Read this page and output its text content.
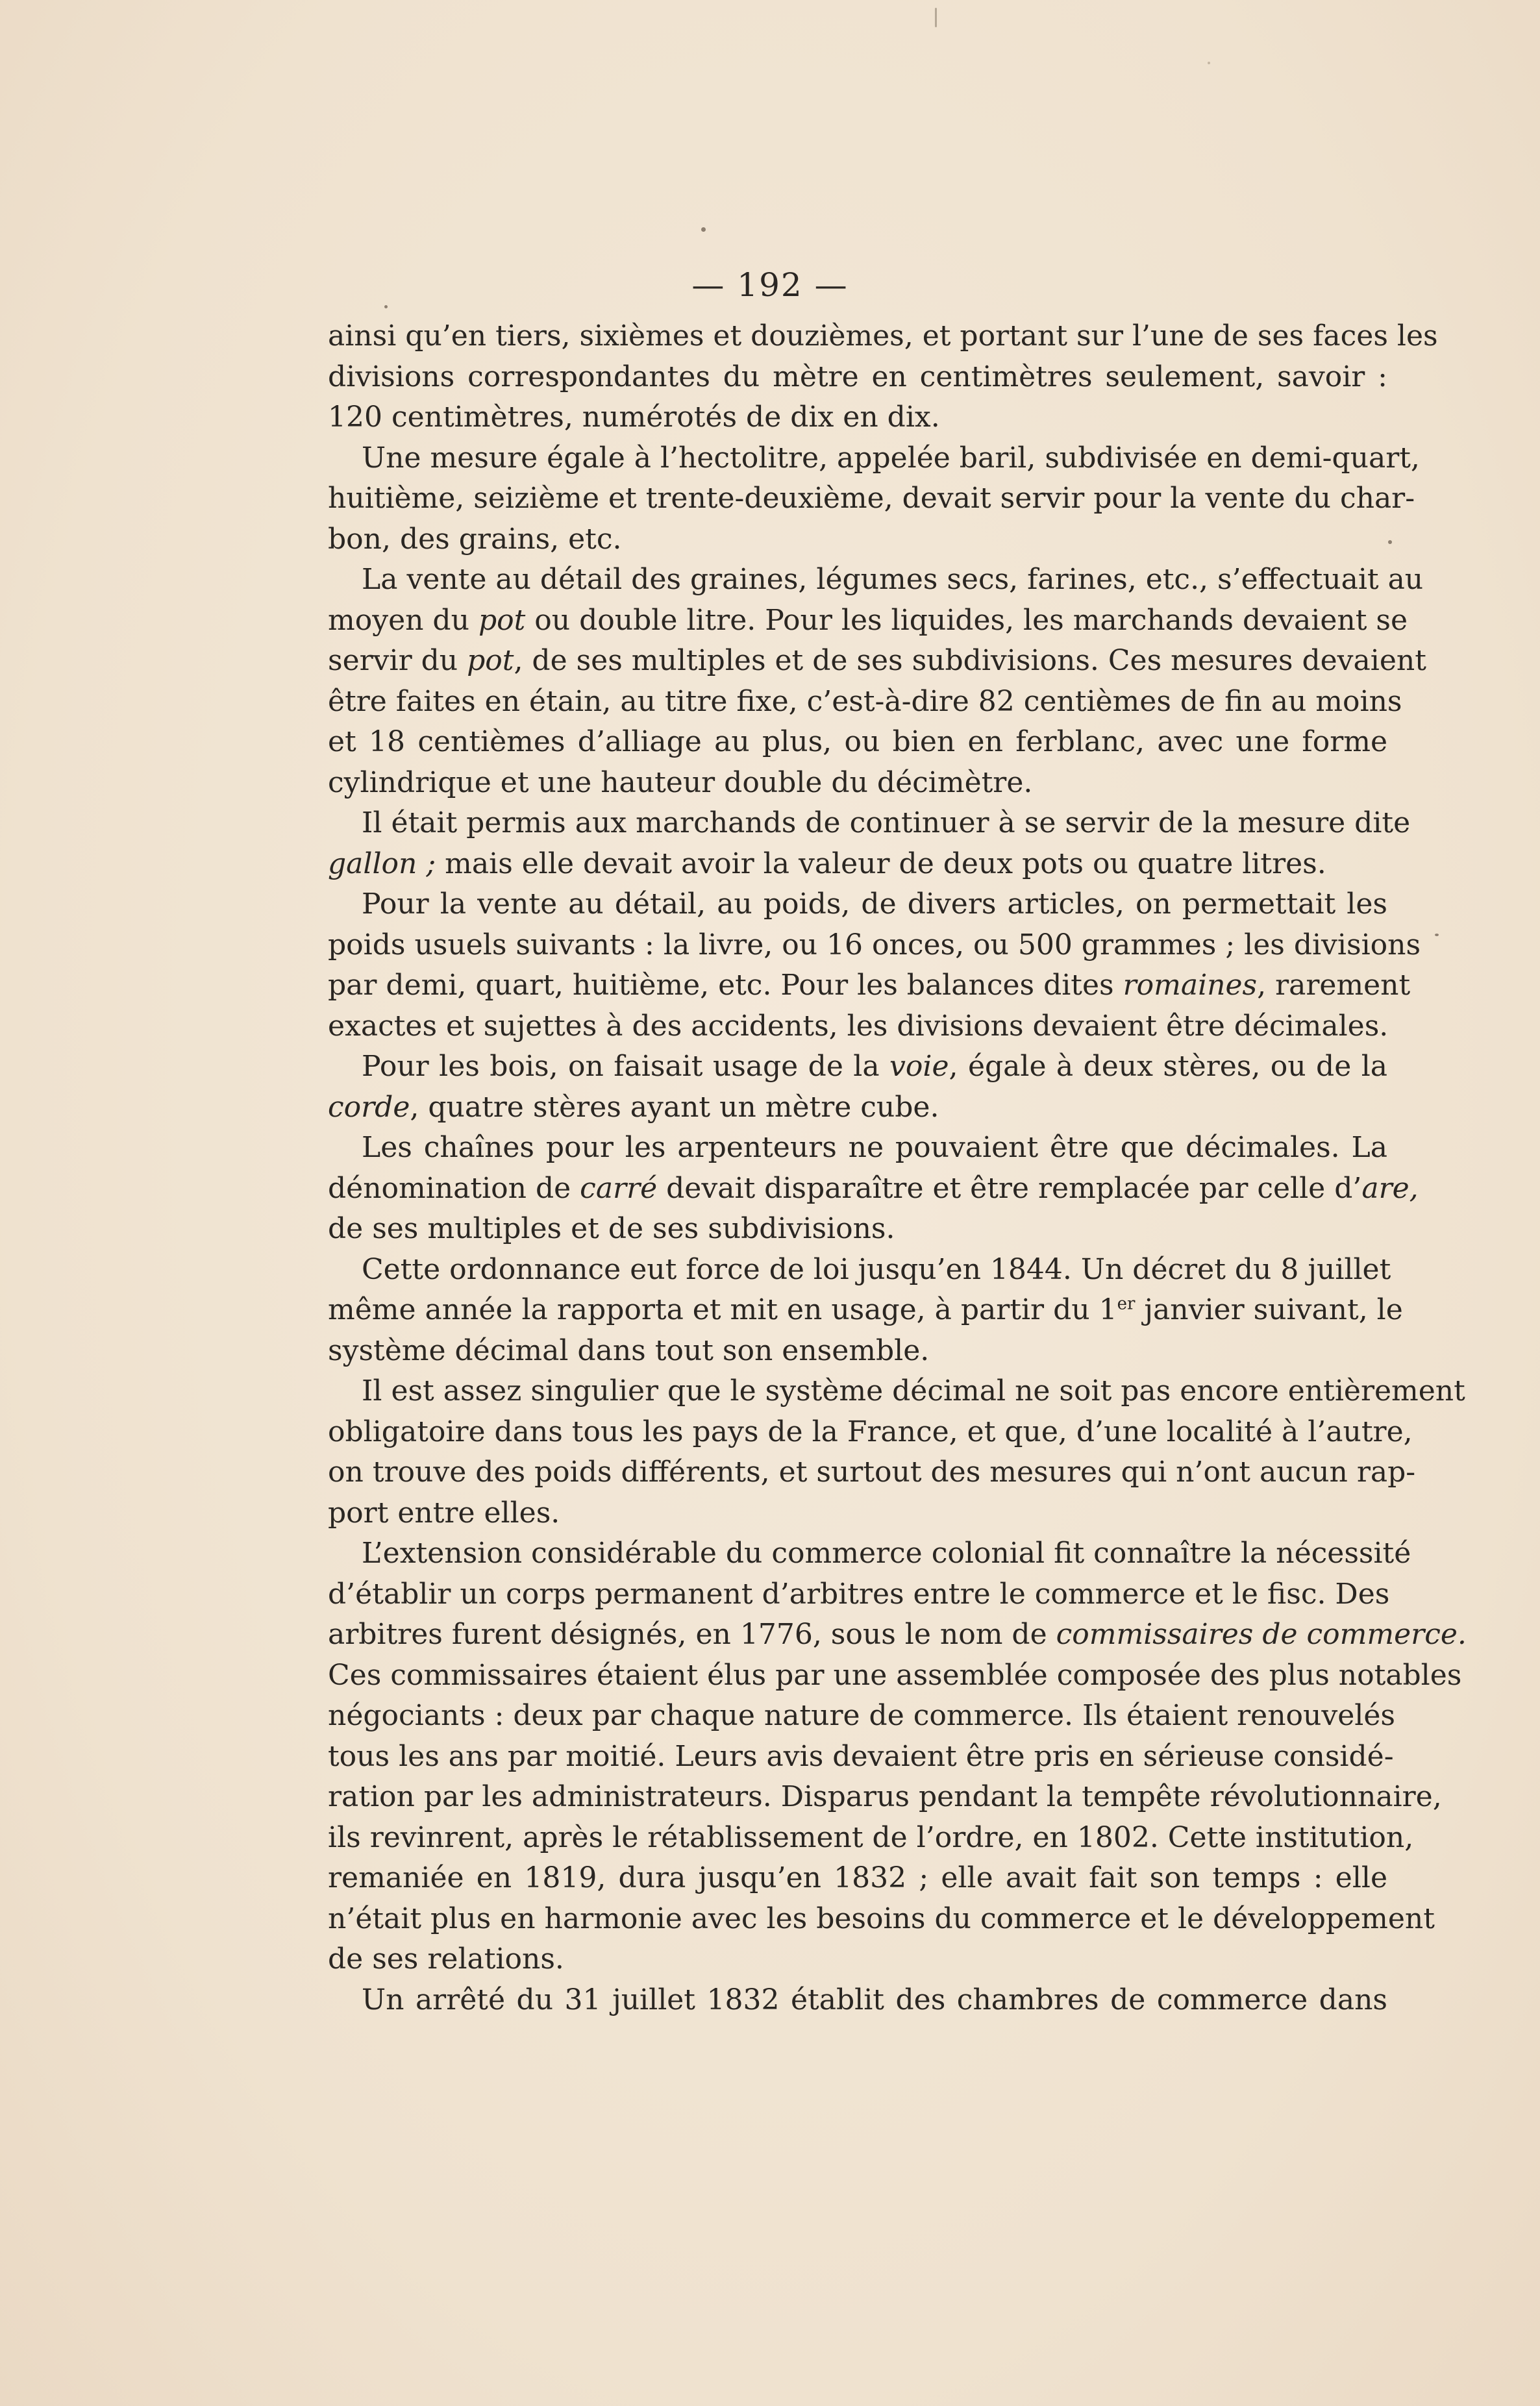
— 192 —
ainsi qu’en tiers, sixièmes et douzièmes, et portant sur l’une de ses faces les
divisions correspondantes du mètre en centimètres seulement, savoir :
120 centimètres, numérotés de dix en dix.
Une mesure égale à l’hectolitre, appelée baril, subdivisée en demi-quart,
huitième, seizième et trente-deuxième, devait servir pour la vente du char-
bon, des grains, etc.
La vente au détail des graines, légumes secs, farines, etc., s’effectuait au
moyen du pot ou double litre. Pour les liquides, les marchands devaient se
servir du pot, de ses multiples et de ses subdivisions. Ces mesures devaient
être faites en étain, au titre fixe, c’est-à-dire 82 centièmes de fin au moins
et 18 centièmes d’alliage au plus, ou bien en ferblanc, avec une forme
cylindrique et une hauteur double du décimètre.
Il était permis aux marchands de continuer à se servir de la mesure dite
gallon ; mais elle devait avoir la valeur de deux pots ou quatre litres.
Pour la vente au détail, au poids, de divers articles, on permettait les
poids usuels suivants : la livre, ou 16 onces, ou 500 grammes ; les divisions
par demi, quart, huitième, etc. Pour les balances dites romaines, rarement
exactes et sujettes à des accidents, les divisions devaient être décimales.
Pour les bois, on faisait usage de la voie, égale à deux stères, ou de la
corde, quatre stères ayant un mètre cube.
Les chaînes pour les arpenteurs ne pouvaient être que décimales. La
dénomination de carré devait disparaître et être remplacée par celle d’are,
de ses multiples et de ses subdivisions.
Cette ordonnance eut force de loi jusqu’en 1844. Un décret du 8 juillet
même année la rapporta et mit en usage, à partir du 1er janvier suivant, le
système décimal dans tout son ensemble.
Il est assez singulier que le système décimal ne soit pas encore entièrement
obligatoire dans tous les pays de la France, et que, d’une localité à l’autre,
on trouve des poids différents, et surtout des mesures qui n’ont aucun rap-
port entre elles.
L’extension considérable du commerce colonial fit connaître la nécessité
d’établir un corps permanent d’arbitres entre le commerce et le fisc. Des
arbitres furent désignés, en 1776, sous le nom de commissaires de commerce.
Ces commissaires étaient élus par une assemblée composée des plus notables
négociants : deux par chaque nature de commerce. Ils étaient renouvelés
tous les ans par moitié. Leurs avis devaient être pris en sérieuse considé-
ration par les administrateurs. Disparus pendant la tempête révolutionnaire,
ils revinrent, après le rétablissement de l’ordre, en 1802. Cette institution,
remaniée en 1819, dura jusqu’en 1832 ; elle avait fait son temps : elle
n’était plus en harmonie avec les besoins du commerce et le développement
de ses relations.
Un arrêté du 31 juillet 1832 établit des chambres de commerce dans
